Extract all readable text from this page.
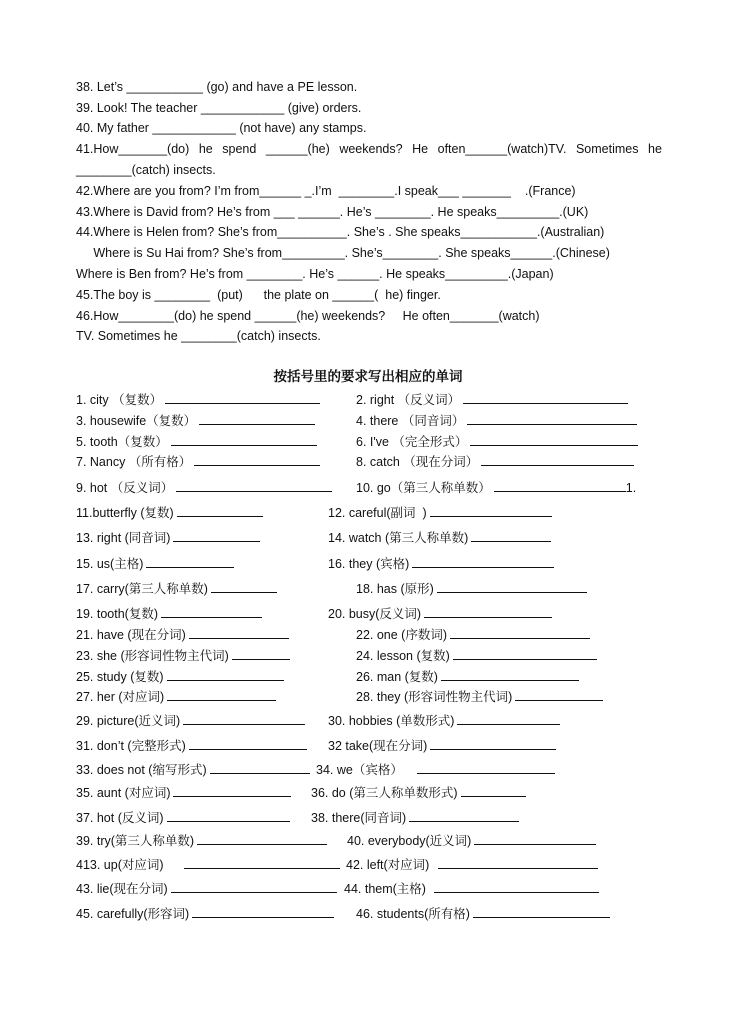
38. Let’s ___________ (go) and have a PE lesson.
39. Look! The teacher ____________ (give) orders.
40. My father ____________ (not have) any stamps.
41.How_______(do) he spend ______(he) weekends? He often______(watch)TV. Sometimes he
________(catch) insects.
42.Where are you from? I’m from______ _.I’m  ________.I speak___ _______    .(France)
43.Where is David from? He’s from ___ ______. He’s ________. He speaks_________.(UK)
44.Where is Helen from? She’s from__________. She’s . She speaks___________.(Australian)
Where is Su Hai from? She’s from_________. She’s________. She speaks______.(Chinese)
Where is Ben from? He’s from ________. He’s ______. He speaks_________.(Japan)
45.The boy is ________  (put)      the plate on ______(  he) finger.
46.How________(do) he spend ______(he) weekends?     He often_______(watch)
TV. Sometimes he ________(catch) insects.
按括号里的要求写出相应的单词
1. city （复数）	2. right （反义词）
3. housewife（复数）	4. there （同音词）
5. tooth（复数）	6. I've （完全形式）
7. Nancy （所有格）	8. catch （现在分词）
9. hot （反义词）	10. go（第三人称单数）	1.
11.butterfly (复数)	12. careful(副词  )
13. right (同音词)	14. watch (第三人称单数)
15. us(主格)	16. they (宾格)
17. carry(第三人称单数)	18. has (原形)
19. tooth(复数)	20. busy(反义词)
21. have (现在分词)	22. one (序数词)
23. she (形容词性物主代词)	24. lesson (复数)
25. study (复数)	26. man (复数)
27. her (对应词)	28. they (形容词性物主代词)
29. picture(近义词)	30. hobbies (单数形式)
31. don’t (完整形式)	32 take(现在分词)
33. does not (缩写形式)	34. we（宾格）
35. aunt (对应词)	36. do (第三人称单数形式)
37. hot (反义词)	38. there(同音词)
39. try(第三人称单数)	40. everybody(近义词)
413. up(对应词)	42. left(对应词)
43. lie(现在分词)	44. them(主格)
45. carefully(形容词)	46. students(所有格)
